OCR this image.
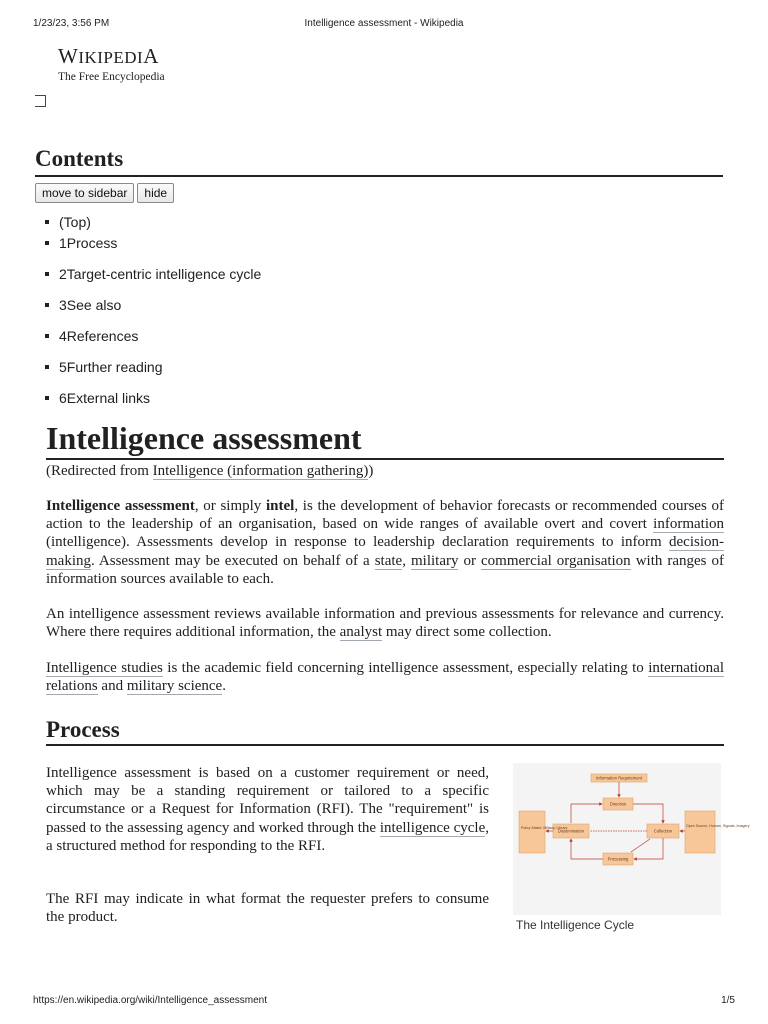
1/23/23, 3:56 PM	Intelligence assessment - Wikipedia
WIKIPEDIA
The Free Encyclopedia
Contents
move to sidebar hide
(Top)
1Process
2Target-centric intelligence cycle
3See also
4References
5Further reading
6External links
Intelligence assessment
(Redirected from Intelligence (information gathering))

Intelligence assessment, or simply intel, is the development of behavior forecasts or recommended courses of action to the leadership of an organisation, based on wide ranges of available overt and covert information (intelligence). Assessments develop in response to leadership declaration requirements to inform decision-making. Assessment may be executed on behalf of a state, military or commercial organisation with ranges of information sources available to each.

An intelligence assessment reviews available information and previous assessments for relevance and currency. Where there requires additional information, the analyst may direct some collection.

Intelligence studies is the academic field concerning intelligence assessment, especially relating to international relations and military science.

Process

Intelligence assessment is based on a customer requirement or need, which may be a standing requirement or tailored to a specific circumstance or a Request for Information (RFI). The "requirement" is passed to the assessing agency and worked through the intelligence cycle, a structured method for responding to the RFI.

The RFI may indicate in what format the requester prefers to consume the product.

Information Requirement
Direction
Dissemination	Collection
Processing
Policy Maker, Military, Library	Open Source, Human, Signals, Imagery
The Intelligence Cycle
https://en.wikipedia.org/wiki/Intelligence_assessment	1/5
